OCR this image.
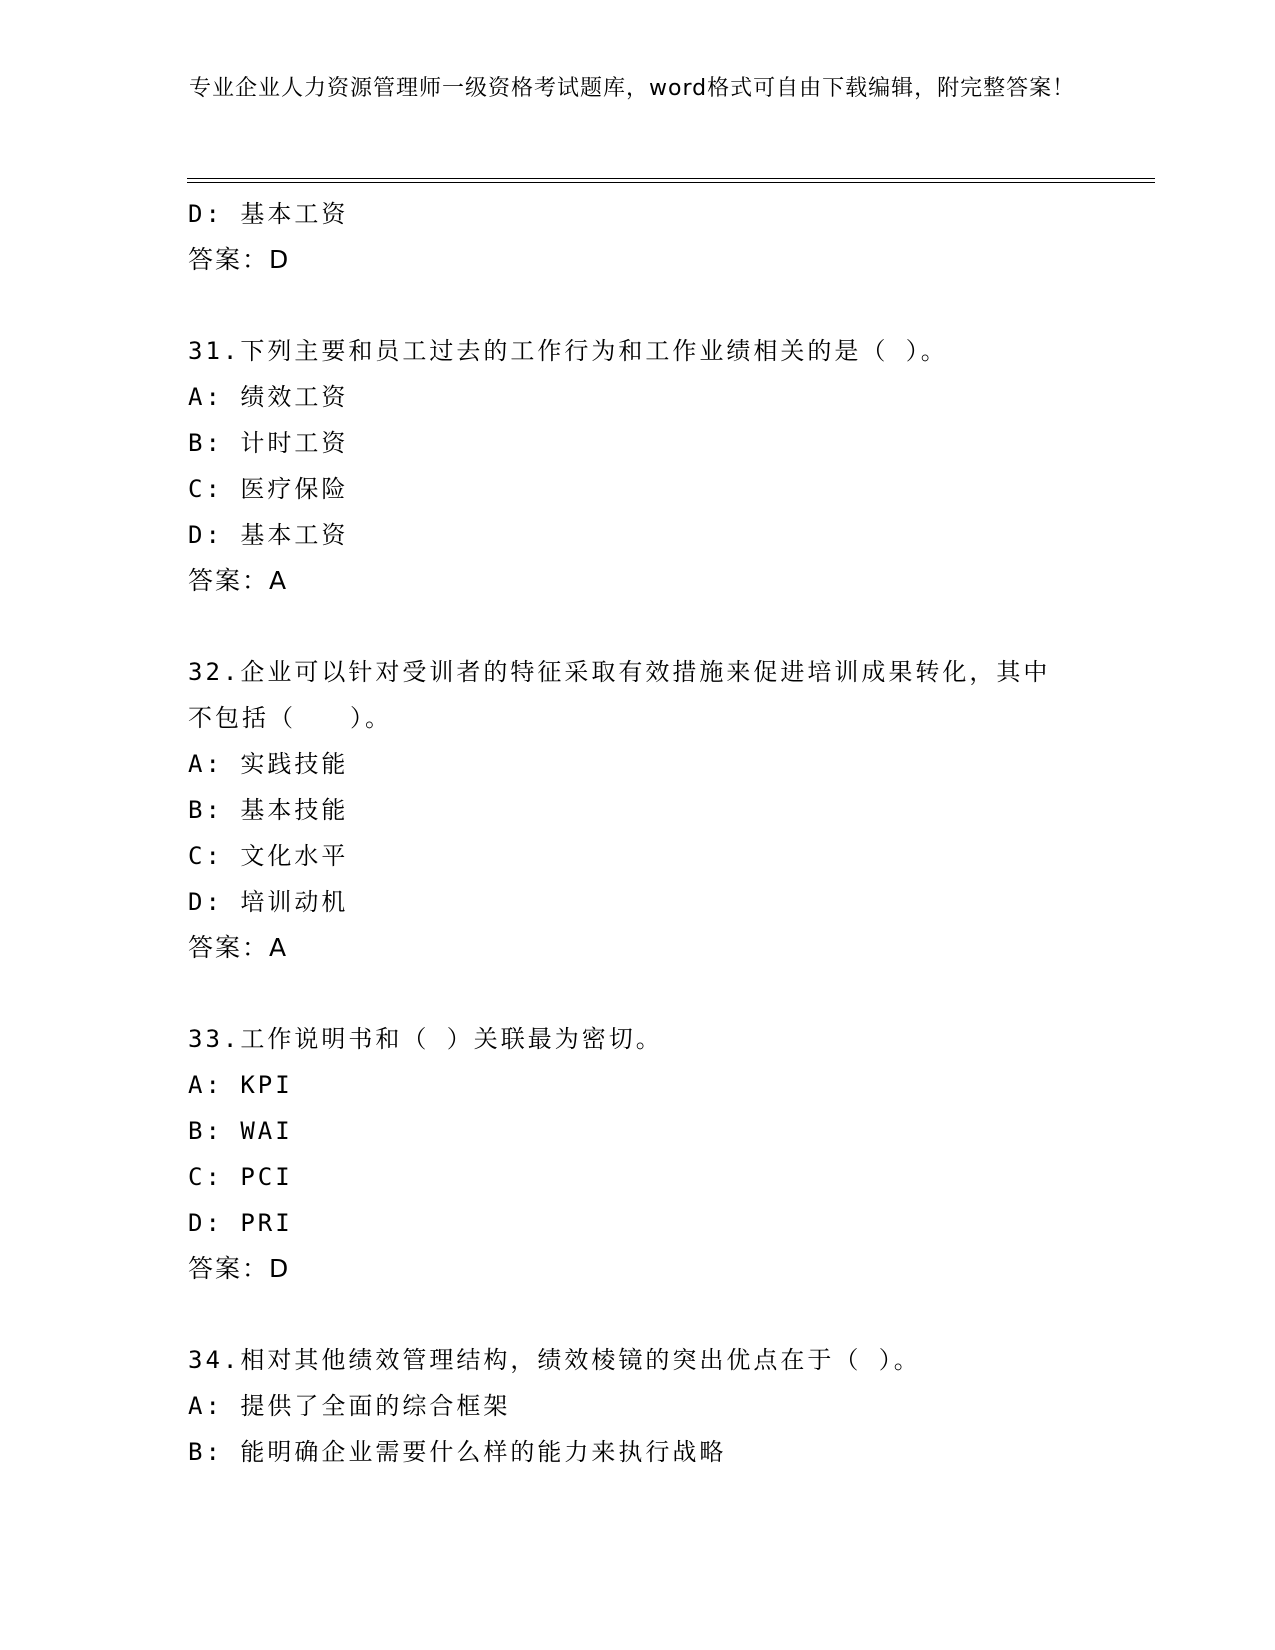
专业企业人力资源管理师一级资格考试题库，word格式可自由下载编辑，附完整答案！
D: 基本工资
答案：D
31.下列主要和员工过去的工作行为和工作业绩相关的是（ ）。
A: 绩效工资
B: 计时工资
C: 医疗保险
D: 基本工资
答案：A
32.企业可以针对受训者的特征采取有效措施来促进培训成果转化，其中不包括（　　）。
A: 实践技能
B: 基本技能
C: 文化水平
D: 培训动机
答案：A
33.工作说明书和（ ）关联最为密切。
A: KPI
B: WAI
C: PCI
D: PRI
答案：D
34.相对其他绩效管理结构，绩效棱镜的突出优点在于（ ）。
A: 提供了全面的综合框架
B: 能明确企业需要什么样的能力来执行战略
